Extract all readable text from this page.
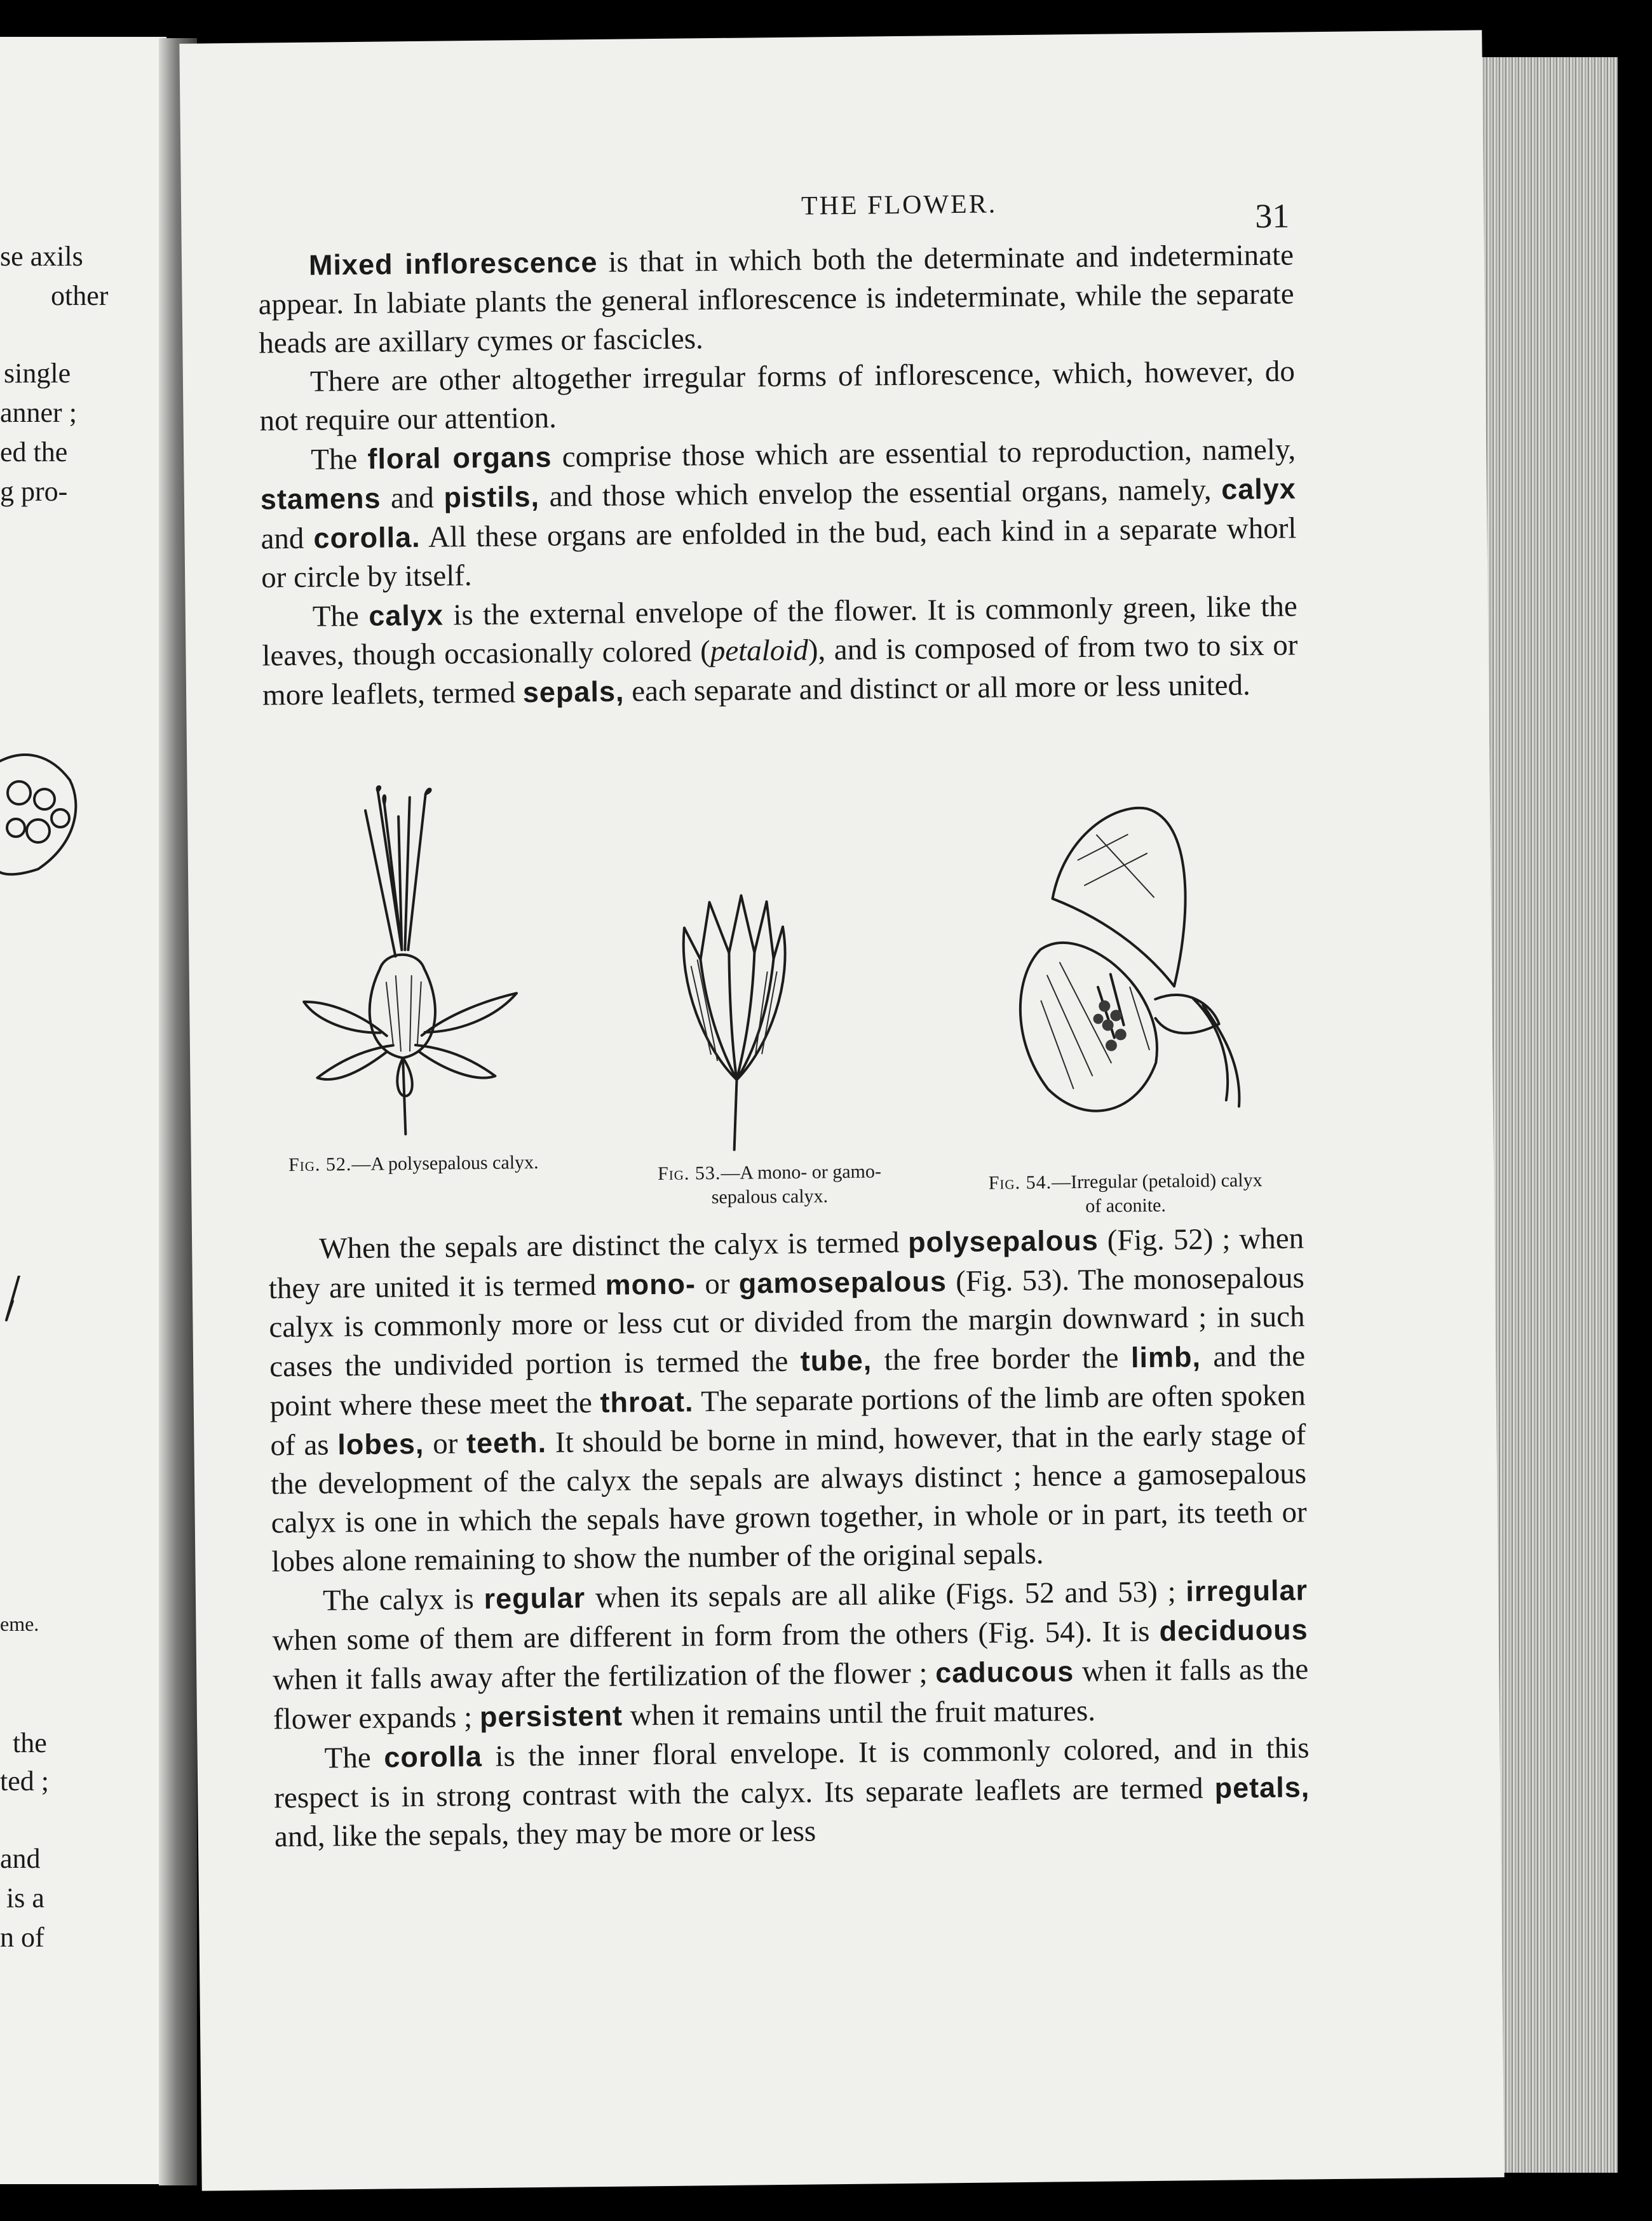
se axils
other
single
anner ;
ed the
g pro-
eme.
the
ted ;
and
is a
n of
THE FLOWER.	31

Mixed inflorescence is that in which both the determinate and indeterminate appear. In labiate plants the general inflorescence is indeterminate, while the separate heads are axillary cymes or fascicles.

There are other altogether irregular forms of inflorescence, which, however, do not require our attention.

The floral organs comprise those which are essential to reproduction, namely, stamens and pistils, and those which envelop the essential organs, namely, calyx and corolla. All these organs are enfolded in the bud, each kind in a separate whorl or circle by itself.

The calyx is the external envelope of the flower. It is commonly green, like the leaves, though occasionally colored (petaloid), and is composed of from two to six or more leaflets, termed sepals, each separate and distinct or all more or less united.

Fig. 52.—A polysepalous calyx.	Fig. 53.—A mono- or gamo- sepalous calyx.
Fig. 54.—Irregular (petaloid) calyx of aconite.

When the sepals are distinct the calyx is termed polysepalous (Fig. 52) ; when they are united it is termed mono- or gamosepalous (Fig. 53). The monosepalous calyx is commonly more or less cut or divided from the margin downward ; in such cases the undivided portion is termed the tube, the free border the limb, and the point where these meet the throat. The separate portions of the limb are often spoken of as lobes, or teeth. It should be borne in mind, however, that in the early stage of the development of the calyx the sepals are always distinct ; hence a gamosepalous calyx is one in which the sepals have grown together, in whole or in part, its teeth or lobes alone remaining to show the number of the original sepals.

The calyx is regular when its sepals are all alike (Figs. 52 and 53) ; irregular when some of them are different in form from the others (Fig. 54). It is deciduous when it falls away after the fertilization of the flower ; caducous when it falls as the flower expands ; persistent when it remains until the fruit matures.

The corolla is the inner floral envelope. It is commonly colored, and in this respect is in strong contrast with the calyx. Its separate leaflets are termed petals, and, like the sepals, they may be more or less
